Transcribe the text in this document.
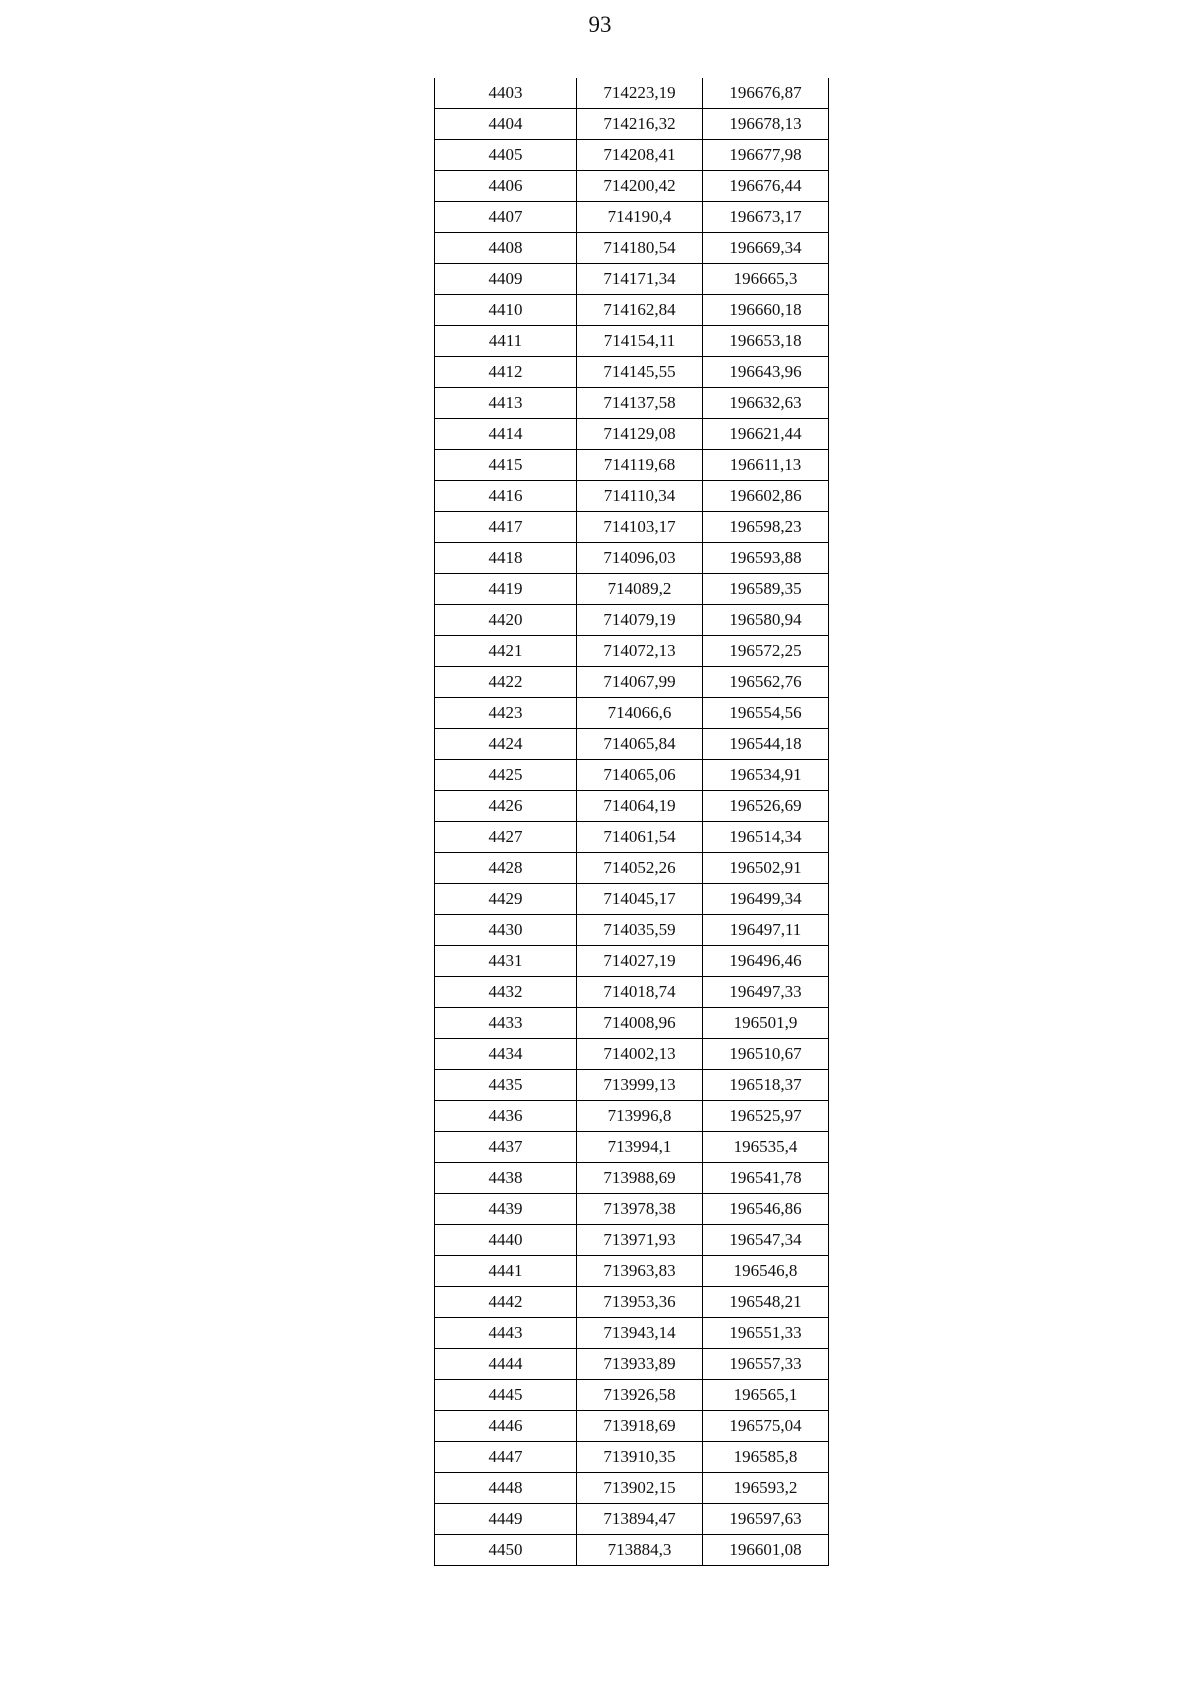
93
4403	714223,19	196676,87
4404	714216,32	196678,13
4405	714208,41	196677,98
4406	714200,42	196676,44
4407	714190,4	196673,17
4408	714180,54	196669,34
4409	714171,34	196665,3
4410	714162,84	196660,18
4411	714154,11	196653,18
4412	714145,55	196643,96
4413	714137,58	196632,63
4414	714129,08	196621,44
4415	714119,68	196611,13
4416	714110,34	196602,86
4417	714103,17	196598,23
4418	714096,03	196593,88
4419	714089,2	196589,35
4420	714079,19	196580,94
4421	714072,13	196572,25
4422	714067,99	196562,76
4423	714066,6	196554,56
4424	714065,84	196544,18
4425	714065,06	196534,91
4426	714064,19	196526,69
4427	714061,54	196514,34
4428	714052,26	196502,91
4429	714045,17	196499,34
4430	714035,59	196497,11
4431	714027,19	196496,46
4432	714018,74	196497,33
4433	714008,96	196501,9
4434	714002,13	196510,67
4435	713999,13	196518,37
4436	713996,8	196525,97
4437	713994,1	196535,4
4438	713988,69	196541,78
4439	713978,38	196546,86
4440	713971,93	196547,34
4441	713963,83	196546,8
4442	713953,36	196548,21
4443	713943,14	196551,33
4444	713933,89	196557,33
4445	713926,58	196565,1
4446	713918,69	196575,04
4447	713910,35	196585,8
4448	713902,15	196593,2
4449	713894,47	196597,63
4450	713884,3	196601,08
